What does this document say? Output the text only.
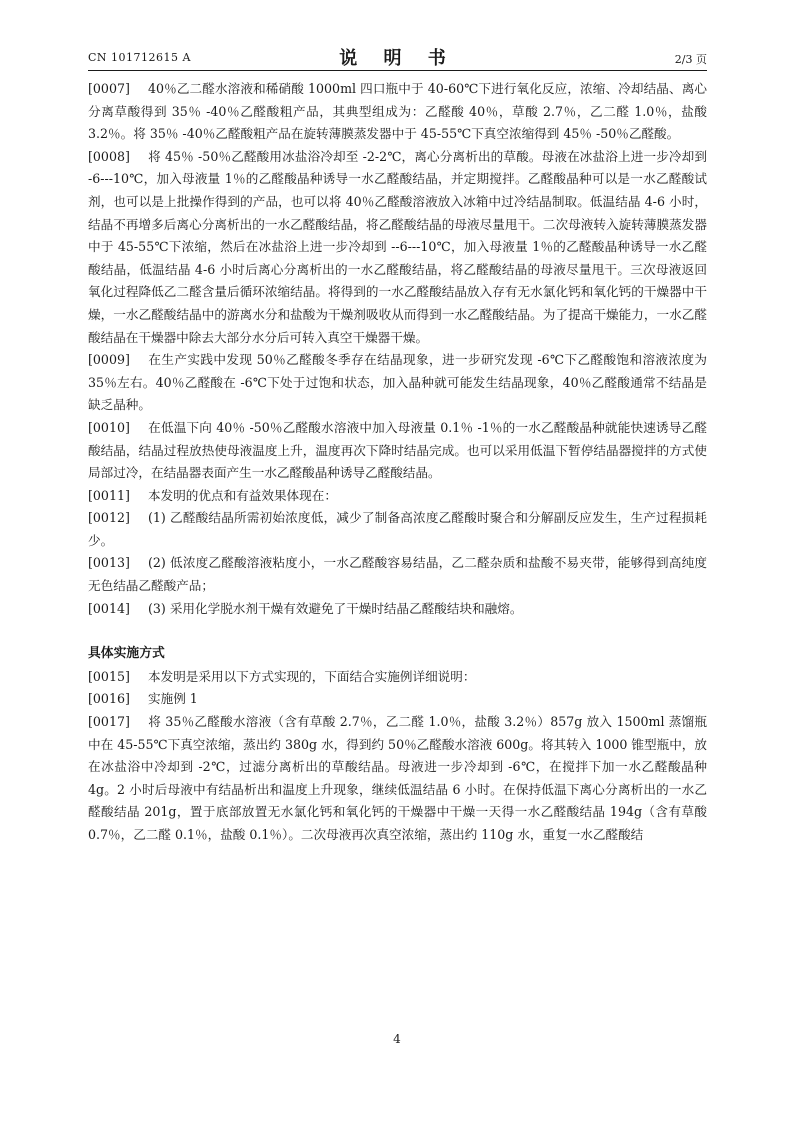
CN 101712615 A	说 明 书	2/3 页
[0007] 40％乙二醛水溶液和稀硝酸 1000ml 四口瓶中于 40-60℃下进行氧化反应，浓缩、冷却结晶、离心分离草酸得到 35％ -40％乙醛酸粗产品，其典型组成为：乙醛酸 40％，草酸 2.7％，乙二醛 1.0％，盐酸 3.2％。将 35％ -40％乙醛酸粗产品在旋转薄膜蒸发器中于 45-55℃下真空浓缩得到 45％ -50％乙醛酸。
[0008] 将 45％ -50％乙醛酸用冰盐浴冷却至 -2-2℃，离心分离析出的草酸。母液在冰盐浴上进一步冷却到 -6---10℃，加入母液量 1％的乙醛酸晶种诱导一水乙醛酸结晶，并定期搅拌。乙醛酸晶种可以是一水乙醛酸试剂，也可以是上批操作得到的产品，也可以将 40％乙醛酸溶液放入冰箱中过冷结晶制取。低温结晶 4-6 小时，结晶不再增多后离心分离析出的一水乙醛酸结晶，将乙醛酸结晶的母液尽量甩干。二次母液转入旋转薄膜蒸发器中于 45-55℃下浓缩，然后在冰盐浴上进一步冷却到 --6---10℃，加入母液量 1％的乙醛酸晶种诱导一水乙醛酸结晶，低温结晶 4-6 小时后离心分离析出的一水乙醛酸结晶，将乙醛酸结晶的母液尽量甩干。三次母液返回氧化过程降低乙二醛含量后循环浓缩结晶。将得到的一水乙醛酸结晶放入存有无水氯化钙和氧化钙的干燥器中干燥，一水乙醛酸结晶中的游离水分和盐酸为干燥剂吸收从而得到一水乙醛酸结晶。为了提高干燥能力，一水乙醛酸结晶在干燥器中除去大部分水分后可转入真空干燥器干燥。
[0009] 在生产实践中发现 50％乙醛酸冬季存在结晶现象，进一步研究发现 -6℃下乙醛酸饱和溶液浓度为 35％左右。40％乙醛酸在 -6℃下处于过饱和状态，加入晶种就可能发生结晶现象，40％乙醛酸通常不结晶是缺乏晶种。
[0010] 在低温下向 40％ -50％乙醛酸水溶液中加入母液量 0.1％ -1％的一水乙醛酸晶种就能快速诱导乙醛酸结晶，结晶过程放热使母液温度上升，温度再次下降时结晶完成。也可以采用低温下暂停结晶器搅拌的方式使局部过冷，在结晶器表面产生一水乙醛酸晶种诱导乙醛酸结晶。
[0011] 本发明的优点和有益效果体现在：
[0012] (1) 乙醛酸结晶所需初始浓度低，减少了制备高浓度乙醛酸时聚合和分解副反应发生，生产过程损耗少。
[0013] (2) 低浓度乙醛酸溶液粘度小，一水乙醛酸容易结晶，乙二醛杂质和盐酸不易夹带，能够得到高纯度无色结晶乙醛酸产品；
[0014] (3) 采用化学脱水剂干燥有效避免了干燥时结晶乙醛酸结块和融熔。
具体实施方式
[0015] 本发明是采用以下方式实现的，下面结合实施例详细说明：
[0016] 实施例 1
[0017] 将 35％乙醛酸水溶液（含有草酸 2.7％，乙二醛 1.0％，盐酸 3.2％）857g 放入 1500ml 蒸馏瓶中在 45-55℃下真空浓缩，蒸出约 380g 水，得到约 50％乙醛酸水溶液 600g。将其转入 1000 锥型瓶中，放在冰盐浴中冷却到 -2℃，过滤分离析出的草酸结晶。母液进一步冷却到 -6℃，在搅拌下加一水乙醛酸晶种 4g。2 小时后母液中有结晶析出和温度上升现象，继续低温结晶 6 小时。在保持低温下离心分离析出的一水乙醛酸结晶 201g，置于底部放置无水氯化钙和氧化钙的干燥器中干燥一天得一水乙醛酸结晶 194g（含有草酸 0.7％，乙二醛 0.1％，盐酸 0.1％）。二次母液再次真空浓缩，蒸出约 110g 水，重复一水乙醛酸结
4
